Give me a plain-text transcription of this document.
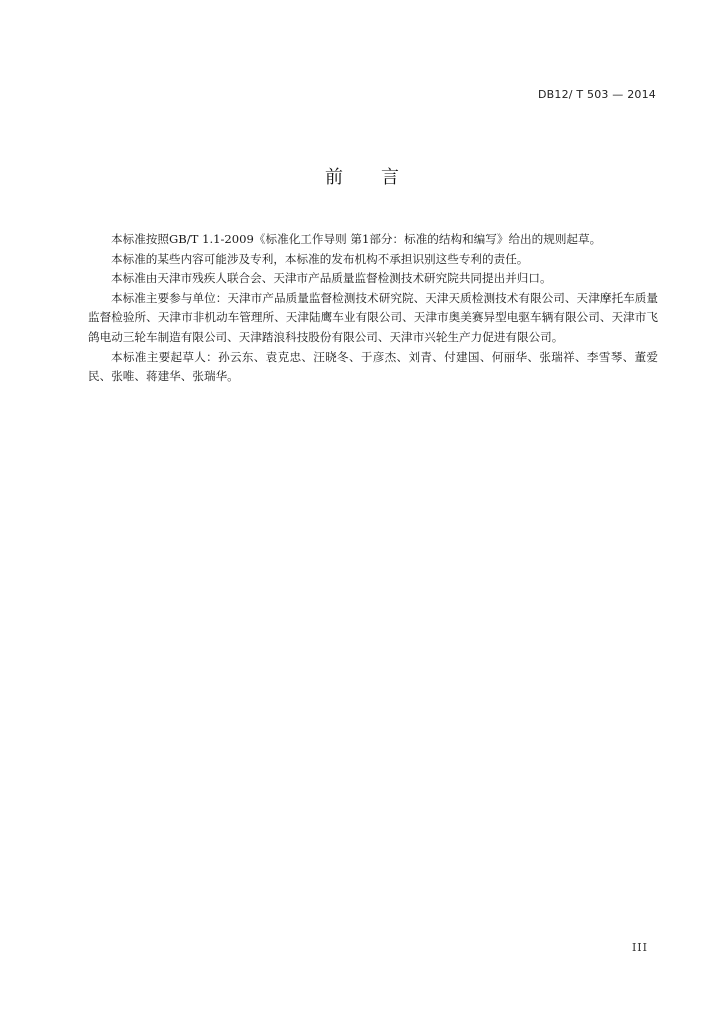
DB12/ T 503 — 2014
前言

本标准按照GB/T 1.1-2009《标准化工作导则 第1部分：标准的结构和编写》给出的规则起草。

本标准的某些内容可能涉及专利，本标准的发布机构不承担识别这些专利的责任。

本标准由天津市残疾人联合会、天津市产品质量监督检测技术研究院共同提出并归口。

本标准主要参与单位：天津市产品质量监督检测技术研究院、天津天质检测技术有限公司、天津摩托车质量监督检验所、天津市非机动车管理所、天津陆鹰车业有限公司、天津市奥美赛异型电驱车辆有限公司、天津市飞鸽电动三轮车制造有限公司、天津踏浪科技股份有限公司、天津市兴轮生产力促进有限公司。

本标准主要起草人：孙云东、袁克忠、汪晓冬、于彦杰、刘青、付建国、何丽华、张瑞祥、李雪琴、董爱民、张唯、蒋建华、张瑞华。

III
